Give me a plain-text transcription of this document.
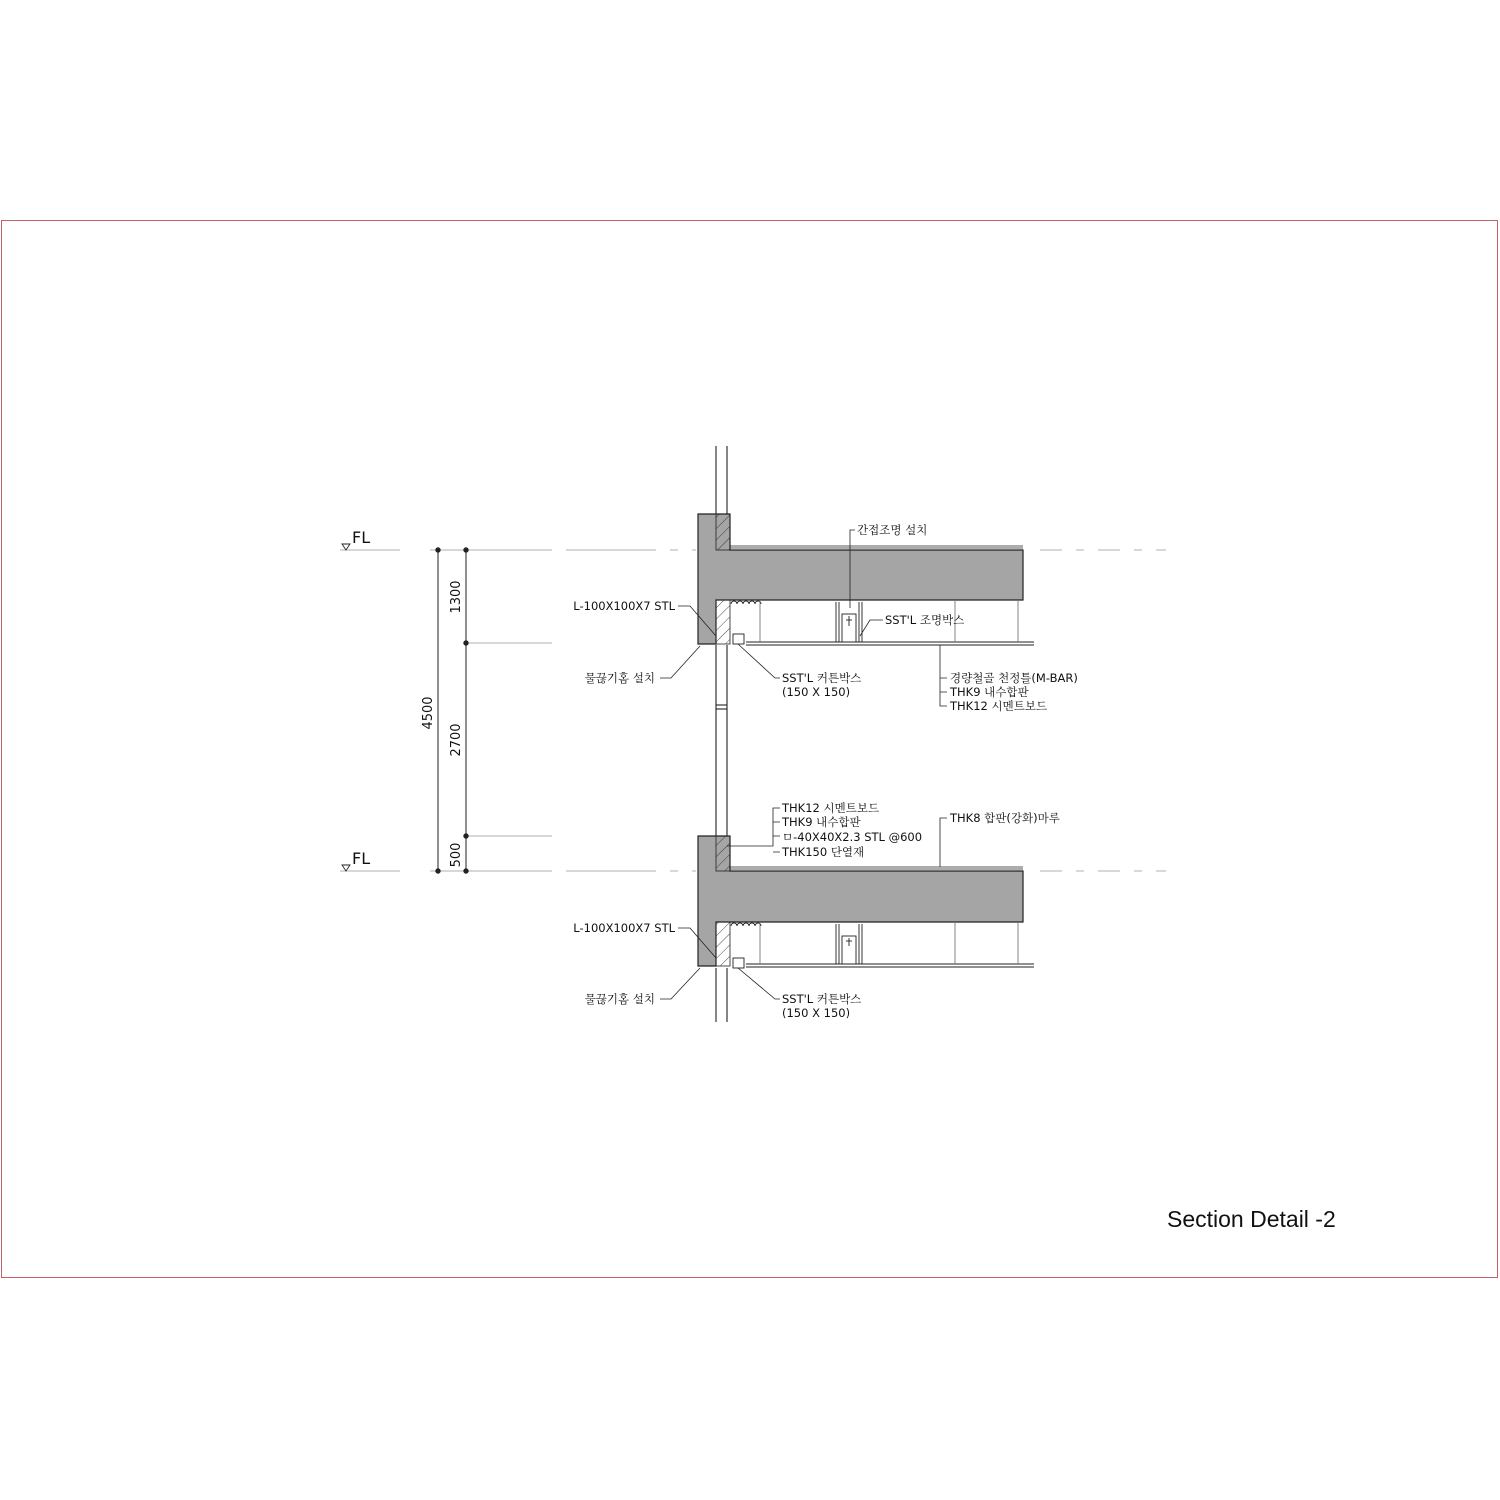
FL
FL
4500
1300
2700
500
간접조명 설치
L-100X100X7 STL
SST'L 조명박스
물끊기홈 설치	SST'L 커튼박스
(150 X 150)
경량철골 천정틀(M-BAR)
THK9 내수합판
THK12 시멘트보드
THK12 시멘트보드
THK9 내수합판
ㅁ-40X40X2.3 STL @600
THK150 단열재
THK8 합판(강화)마루
L-100X100X7 STL
물끊기홈 설치	SST'L 커튼박스
(150 X 150)
Section Detail -2
